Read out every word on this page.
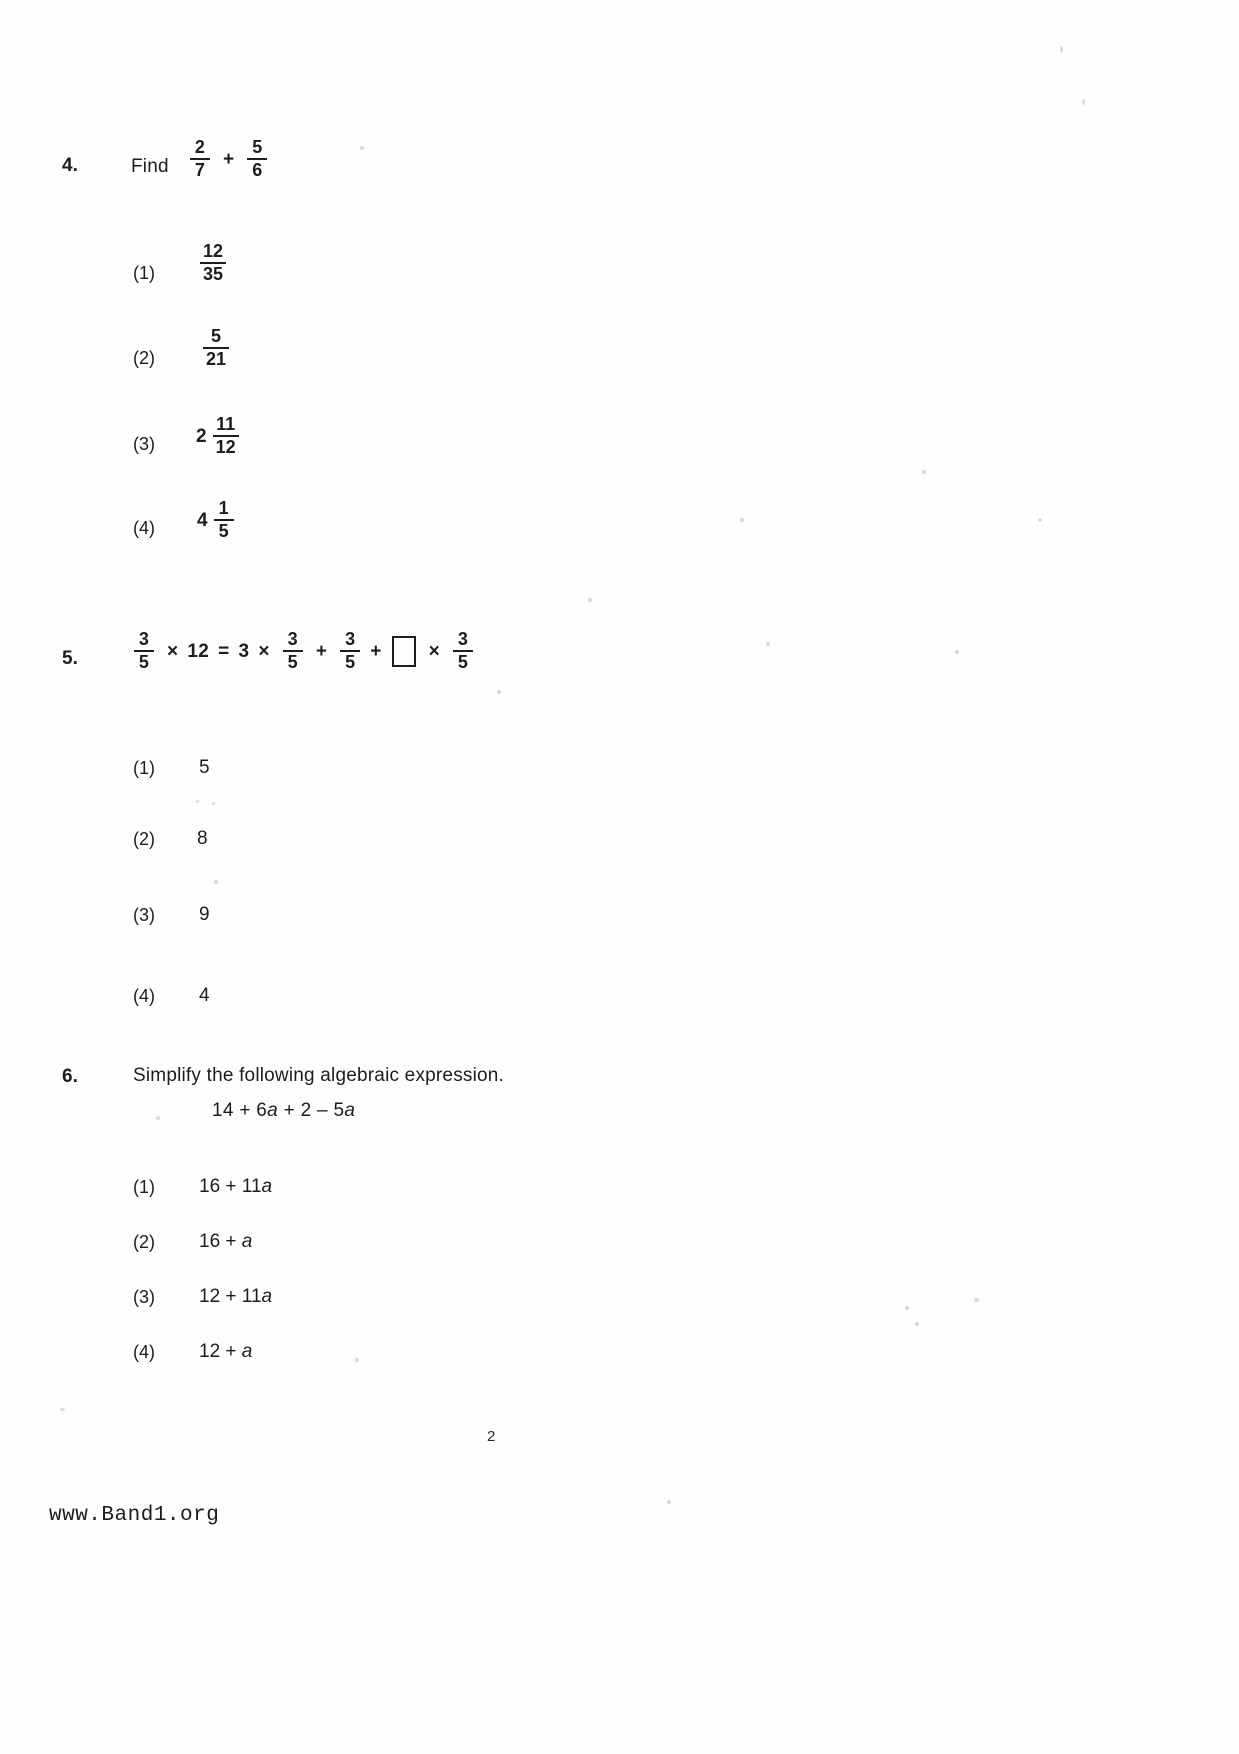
4.	Find $\frac{2}{7} + \frac{5}{6}$
(1)	$\frac{12}{35}$
(2)	$\frac{5}{21}$
(3) $2 \frac{11}{12}$
(4) $4 \frac{1}{5}$
5.	$\frac{3}{5} \times 12 = 3 \times \frac{3}{5} + \frac{3}{5}$ + × $\frac{3}{5}$
(1) 5
(2) 8
(3) 9
(4) 4
6.	Simplify the following algebraic expression.
14 + 6a + 2 – 5a
(1) 16 + 11a
(2) 16 + a
(3) 12 + 11a
(4) 12 + a
2
www.Band1.org
